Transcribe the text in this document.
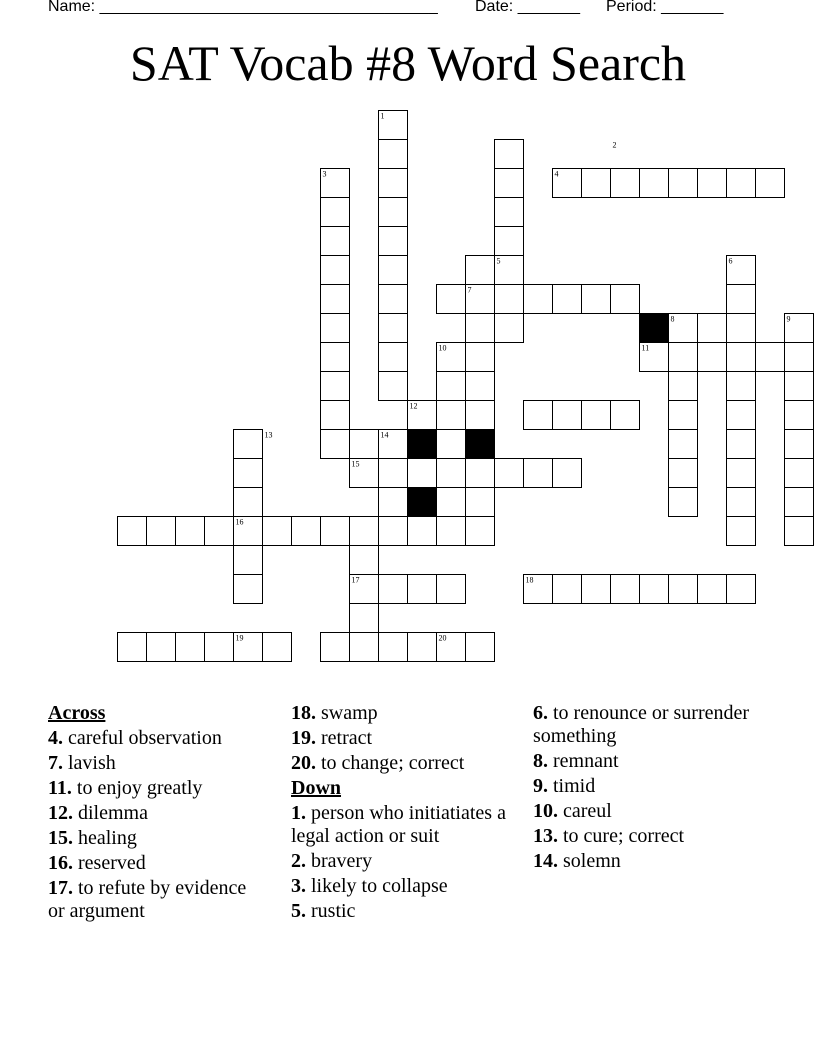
Name: ______________________________________

Date: _______

Period: _______

SAT Vocab #8 Word Search
1
2
3	4
5	6
7
8	9
10	11
12
13	14
15
16
17	18
19	20
Across
4. careful observation
7. lavish
11. to enjoy greatly
12. dilemma
15. healing
16. reserved
17. to refute by evidence or argument
18. swamp
19. retract
20. to change; correct
Down
1. person who initiatiates a legal action or suit
2. bravery
3. likely to collapse
5. rustic
6. to renounce or surrender something
8. remnant
9. timid
10. careul
13. to cure; correct
14. solemn
